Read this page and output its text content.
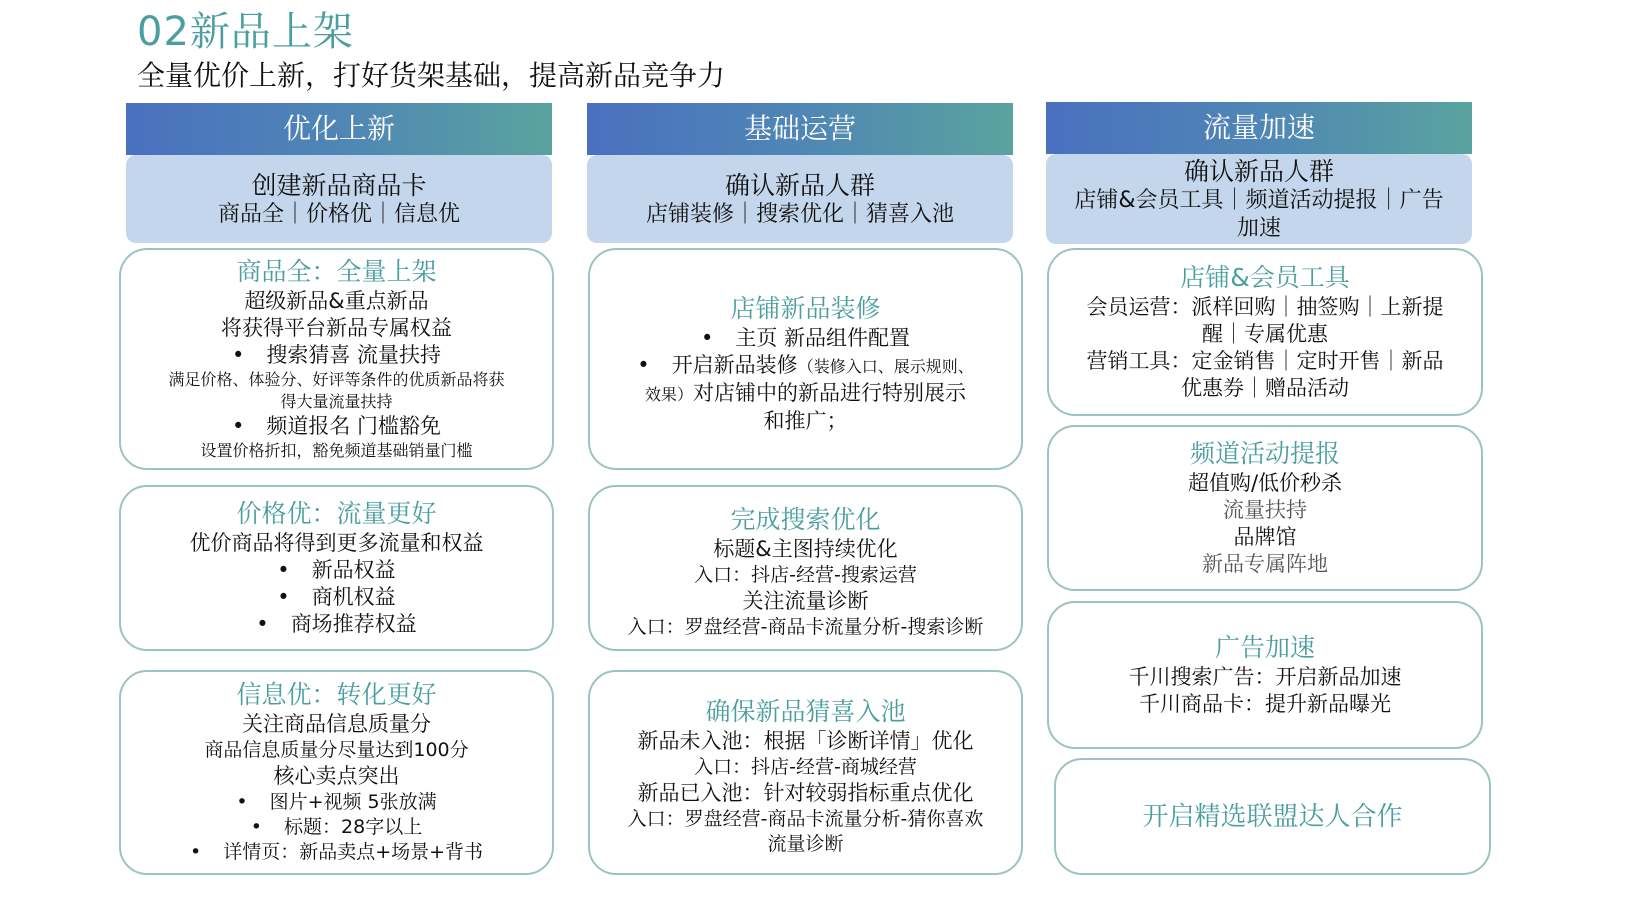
02新品上架
全量优价上新，打好货架基础，提高新品竞争力
优化上新	基础运营	流量加速
创建新品商品卡
商品全｜价格优｜信息优
确认新品人群
店铺装修｜搜索优化｜猜喜入池
确认新品人群
店铺&会员工具｜频道活动提报｜广告加速
商品全：全量上架
超级新品&重点新品
将获得平台新品专属权益
• 搜索猜喜 流量扶持
满足价格、体验分、好评等条件的优质新品将获
得大量流量扶持
• 频道报名 门槛豁免
设置价格折扣，豁免频道基础销量门槛
价格优：流量更好
优价商品将得到更多流量和权益
• 新品权益
• 商机权益
• 商场推荐权益
信息优：转化更好
关注商品信息质量分
商品信息质量分尽量达到100分
核心卖点突出
• 图片+视频 5张放满
• 标题：28字以上
• 详情页：新品卖点+场景+背书
店铺新品装修
• 主页 新品组件配置
• 开启新品装修（装修入口、展示规则、
效果）对店铺中的新品进行特别展示
和推广；
完成搜索优化
标题&主图持续优化
入口：抖店-经营-搜索运营
关注流量诊断
入口：罗盘经营-商品卡流量分析-搜索诊断
确保新品猜喜入池
新品未入池：根据「诊断详情」优化
入口：抖店-经营-商城经营
新品已入池：针对较弱指标重点优化
入口：罗盘经营-商品卡流量分析-猜你喜欢
流量诊断
店铺&会员工具
会员运营：派样回购｜抽签购｜上新提
醒｜专属优惠
营销工具：定金销售｜定时开售｜新品
优惠券｜赠品活动
频道活动提报
超值购/低价秒杀
流量扶持
品牌馆
新品专属阵地
广告加速
千川搜索广告：开启新品加速
千川商品卡：提升新品曝光
开启精选联盟达人合作
